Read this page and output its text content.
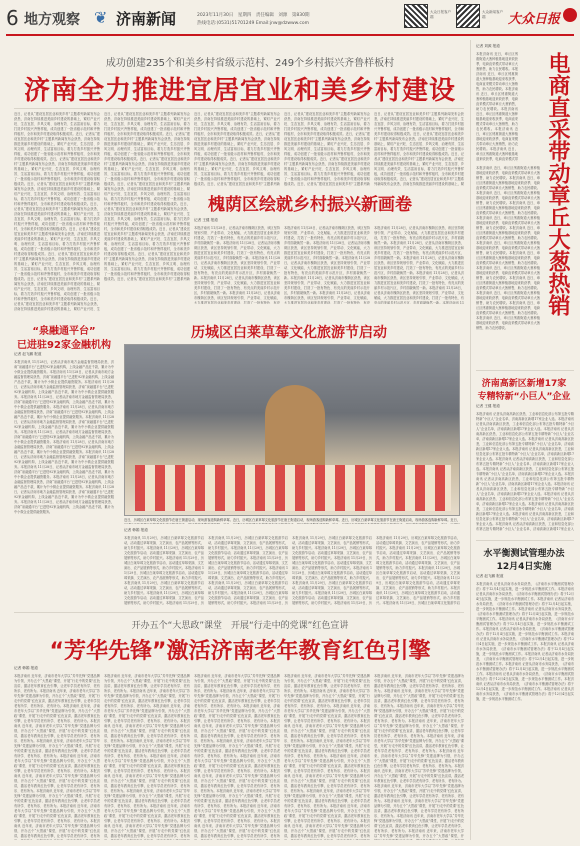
6 地方观察 ❦ 济南新闻	2023年11月30日　星期四　责任编辑　刘源　第830期
热线电话:(0531)51701249 Email:jnw@dzwww.com
大众日报客户端
大众新闻客户端	大众日报
成功创建235个和美乡村省级示范村、249个乡村振兴齐鲁样板村
济南全力推进宜居宜业和美乡村建设
近日，记者从“建设宜居宜业和美乡村”主题系列新闻发布会获悉，济南在持续推进美丽乡村建设的基础上，紧盯产业兴旺、生态宜居、乡风文明、治理有效、生活富裕目标，着力打造乡村振兴齐鲁样板，成功创建了一批省级示范村和齐鲁样板村，全市和美乡村建设取得积极成效。近日，记者从“建设宜居宜业和美乡村”主题系列新闻发布会获悉，济南在持续推进美丽乡村建设的基础上，紧盯产业兴旺、生态宜居、乡风文明、治理有效、生活富裕目标，着力打造乡村振兴齐鲁样板，成功创建了一批省级示范村和齐鲁样板村，全市和美乡村建设取得积极成效。近日，记者从“建设宜居宜业和美乡村”主题系列新闻发布会获悉，济南在持续推进美丽乡村建设的基础上，紧盯产业兴旺、生态宜居、乡风文明、治理有效、生活富裕目标，着力打造乡村振兴齐鲁样板，成功创建了一批省级示范村和齐鲁样板村，全市和美乡村建设取得积极成效。近日，记者从“建设宜居宜业和美乡村”主题系列新闻发布会获悉，济南在持续推进美丽乡村建设的基础上，紧盯产业兴旺、生态宜居、乡风文明、治理有效、生活富裕目标，着力打造乡村振兴齐鲁样板，成功创建了一批省级示范村和齐鲁样板村，全市和美乡村建设取得积极成效。近日，记者从“建设宜居宜业和美乡村”主题系列新闻发布会获悉，济南在持续推进美丽乡村建设的基础上，紧盯产业兴旺、生态宜居、乡风文明、治理有效、生活富裕目标，着力打造乡村振兴齐鲁样板，成功创建了一批省级示范村和齐鲁样板村，全市和美乡村建设取得积极成效。近日，记者从“建设宜居宜业和美乡村”主题系列新闻发布会获悉，济南在持续推进美丽乡村建设的基础上，紧盯产业兴旺、生态宜居、乡风文明、治理有效、生活富裕目标，着力打造乡村振兴齐鲁样板，成功创建了一批省级示范村和齐鲁样板村，全市和美乡村建设取得积极成效。近日，记者从“建设宜居宜业和美乡村”主题系列新闻发布会获悉，济南在持续推进美丽乡村建设的基础上，紧盯产业兴旺、生态宜居、乡风文明、治理有效、生活富裕目标，着力打造乡村振兴齐鲁样板，成功创建了一批省级示范村和齐鲁样板村，全市和美乡村建设取得积极成效。近日，记者从“建设宜居宜业和美乡村”主题系列新闻发布会获悉，济南在持续推进美丽乡村建设的基础上，紧盯产业兴旺、生态宜居、乡风文明、治理有效、生活富裕目标，着力打造乡村振兴齐鲁样板，成功创建了一批省级示范村和齐鲁样板村，全市和美乡村建设取得积极成效。近日，记者从“建设宜居宜业和美乡村”主题系列新闻发布会获悉，济南在持续推进美丽乡村建设的基础上，紧盯产业兴旺、生
近日，记者从“建设宜居宜业和美乡村”主题系列新闻发布会获悉，济南在持续推进美丽乡村建设的基础上，紧盯产业兴旺、生态宜居、乡风文明、治理有效、生活富裕目标，着力打造乡村振兴齐鲁样板，成功创建了一批省级示范村和齐鲁样板村，全市和美乡村建设取得积极成效。近日，记者从“建设宜居宜业和美乡村”主题系列新闻发布会获悉，济南在持续推进美丽乡村建设的基础上，紧盯产业兴旺、生态宜居、乡风文明、治理有效、生活富裕目标，着力打造乡村振兴齐鲁样板，成功创建了一批省级示范村和齐鲁样板村，全市和美乡村建设取得积极成效。近日，记者从“建设宜居宜业和美乡村”主题系列新闻发布会获悉，济南在持续推进美丽乡村建设的基础上，紧盯产业兴旺、生态宜居、乡风文明、治理有效、生活富裕目标，着力打造乡村振兴齐鲁样板，成功创建了一批省级示范村和齐鲁样板村，全市和美乡村建设取得积极成效。近日，记者从“建设宜居宜业和美乡村”主题系列新闻发布会获悉，济南在持续推进美丽乡村建设的基础上，紧盯产业兴旺、生态宜居、乡风文明、治理有效、生活富裕目标，着力打造乡村振兴齐鲁样板，成功创建了一批省级示范村和齐鲁样板村，全市和美乡村建设取得积极成效。近日，记者从“建设宜居宜业和美乡村”主题系列新闻发布会获悉，济南在持续推进美丽乡村建设的基础上，紧盯产业兴旺、生态宜居、乡风文明、治理有效、生活富裕目标，着力打造乡村振兴齐鲁样板，成功创建了一批省级示范村和齐鲁样板村，全市和美乡村建设取得积极成效。近日，记者从“建设宜居宜业和美乡村”主题系列新闻发布会获悉，济南在持续推进美丽乡村建设的基础上，紧盯产业兴旺、生态宜居、乡风文明、治理有效、生活富裕目标，着力打造乡村振兴齐鲁样板，成功创建了一批省级示范村和齐鲁样板村，全市和美乡村建设取得积极成效。近日，记者从“建设宜居宜业和美乡村”主题系列新闻发布会获悉，济南在持续推进美丽乡村建设的基础上，紧盯产业兴旺、生态宜居、乡风文明、治理有效、生活富裕目标，着力打造乡村振兴齐鲁样板，成功创建了一批省级示范村和齐鲁样板村，全市和美乡村建设取得积极成效。近日，记者从“建设宜居宜业和美乡村”主题系列新
近日，记者从“建设宜居宜业和美乡村”主题系列新闻发布会获悉，济南在持续推进美丽乡村建设的基础上，紧盯产业兴旺、生态宜居、乡风文明、治理有效、生活富裕目标，着力打造乡村振兴齐鲁样板，成功创建了一批省级示范村和齐鲁样板村，全市和美乡村建设取得积极成效。近日，记者从“建设宜居宜业和美乡村”主题系列新闻发布会获悉，济南在持续推进美丽乡村建设的基础上，紧盯产业兴旺、生态宜居、乡风文明、治理有效、生活富裕目标，着力打造乡村振兴齐鲁样板，成功创建了一批省级示范村和齐鲁样板村，全市和美乡村建设取得积极成效。近日，记者从“建设宜居宜业和美乡村”主题系列新闻发布会获悉，济南在持续推进美丽乡村建设的基础上，紧盯产业兴旺、生态宜居、乡风文明、治理有效、生活富裕目标，着力打造乡村振兴齐鲁样板，成功创建了一批省级示范村和齐鲁样板村，全市和美乡村建设取得积极成效。近日，记者从“建设宜居宜业和美乡村”主题系列新
近日，记者从“建设宜居宜业和美乡村”主题系列新闻发布会获悉，济南在持续推进美丽乡村建设的基础上，紧盯产业兴旺、生态宜居、乡风文明、治理有效、生活富裕目标，着力打造乡村振兴齐鲁样板，成功创建了一批省级示范村和齐鲁样板村，全市和美乡村建设取得积极成效。近日，记者从“建设宜居宜业和美乡村”主题系列新闻发布会获悉，济南在持续推进美丽乡村建设的基础上，紧盯产业兴旺、生态宜居、乡风文明、治理有效、生活富裕目标，着力打造乡村振兴齐鲁样板，成功创建了一批省级示范村和齐鲁样板村，全市和美乡村建设取得积极成效。近日，记者从“建设宜居宜业和美乡村”主题系列新闻发布会获悉，济南在持续推进美丽乡村建设的基础上，紧盯产业兴旺、生态宜居、乡风文明、治理有效、生活富裕目标，着力打造乡村振兴齐鲁样板，成功创建了一批省级示范村和齐鲁样板村，全市和美乡村建设取得积极成效。近日，记者从“建设宜居宜业和美乡村”主题系列新
近日，记者从“建设宜居宜业和美乡村”主题系列新闻发布会获悉，济南在持续推进美丽乡村建设的基础上，紧盯产业兴旺、生态宜居、乡风文明、治理有效、生活富裕目标，着力打造乡村振兴齐鲁样板，成功创建了一批省级示范村和齐鲁样板村，全市和美乡村建设取得积极成效。近日，记者从“建设宜居宜业和美乡村”主题系列新闻发布会获悉，济南在持续推进美丽乡村建设的基础上，紧盯产业兴旺、生态宜居、乡风文明、治理有效、生活富裕目标，着力打造乡村振兴齐鲁样板，成功创建了一批省级示范村和齐鲁样板村，全市和美乡村建设取得积极成效。近日，记者从“建设宜居宜业和美乡村”主题系列新闻发布会获悉，济南在持续推进美丽乡村建设的基础上，紧盯产业兴旺、生态宜居、乡风文明、治理有效、生活富裕目标，着力打造乡村振兴齐鲁样板，成功创建了一批省级示范村和齐鲁样板村，全市和美乡村建设取得积极成效。近日，记者从“建设宜居宜业和美乡村”主题系列新闻发布会获悉，济南在持续推进美丽乡村建设的基础上，紧
槐荫区绘就乡村振兴新画卷
记者 王健 报道
本报济南讯 11月28日，记者从济南市槐荫区获悉，该区坚持规划引领、产业带动、文化赋能，大力推进宜居宜业和美乡村建设，打造了一批有特色、有亮点的美丽乡村示范片区，乡村面貌焕然一新。本报济南讯 11月28日，记者从济南市槐荫区获悉，该区坚持规划引领、产业带动、文化赋能，大力推进宜居宜业和美乡村建设，打造了一批有特色、有亮点的美丽乡村示范片区，乡村面貌焕然一新。本报济南讯 11月28日，记者从济南市槐荫区获悉，该区坚持规划引领、产业带动、文化赋能，大力推进宜居宜业和美乡村建设，打造了一批有特色、有亮点的美丽乡村示范片区，乡村面貌焕然一新。本报济南讯 11月28日，记者从济南市槐荫区获悉，该区坚持规划引领、产业带动、文化赋能，大力推进宜居宜业和美乡村建设，打造了一批有特色、有亮点的美丽乡村示范片区，乡村面貌焕然一新。本报济南讯 11月28日，记者从济南市槐荫区获悉，该区坚持规划引领、产业带动、文化赋能，大力推进宜居宜业和美乡村建设，打造了一批有特色、有亮
本报济南讯 11月28日，记者从济南市槐荫区获悉，该区坚持规划引领、产业带动、文化赋能，大力推进宜居宜业和美乡村建设，打造了一批有特色、有亮点的美丽乡村示范片区，乡村面貌焕然一新。本报济南讯 11月28日，记者从济南市槐荫区获悉，该区坚持规划引领、产业带动、文化赋能，大力推进宜居宜业和美乡村建设，打造了一批有特色、有亮点的美丽乡村示范片区，乡村面貌焕然一新。本报济南讯 11月28日，记者从济南市槐荫区获悉，该区坚持规划引领、产业带动、文化赋能，大力推进宜居宜业和美乡村建设，打造了一批有特色、有亮点的美丽乡村示范片区，乡村面貌焕然一新。本报济南讯 11月28日，记者从济南市槐荫区获悉，该区坚持规划引领、产业带动、文化赋能，大力推进宜居宜业和美乡村建设，打造了一批有特色、有亮点的美丽乡村示范片区，乡村面貌焕然一新。本报济南讯 11月28日，记者从济南市槐荫区获悉，该区坚持规划引领、产业带动、文化赋能，大力推进宜居宜业和美乡村建设，打造了一批有特色、有亮
本报济南讯 11月28日，记者从济南市槐荫区获悉，该区坚持规划引领、产业带动、文化赋能，大力推进宜居宜业和美乡村建设，打造了一批有特色、有亮点的美丽乡村示范片区，乡村面貌焕然一新。本报济南讯 11月28日，记者从济南市槐荫区获悉，该区坚持规划引领、产业带动、文化赋能，大力推进宜居宜业和美乡村建设，打造了一批有特色、有亮点的美丽乡村示范片区，乡村面貌焕然一新。本报济南讯 11月28日，记者从济南市槐荫区获悉，该区坚持规划引领、产业带动、文化赋能，大力推进宜居宜业和美乡村建设，打造了一批有特色、有亮点的美丽乡村示范片区，乡村面貌焕然一新。本报济南讯 11月28日，记者从济南市槐荫区获悉，该区坚持规划引领、产业带动、文化赋能，大力推进宜居宜业和美乡村建设，打造了一批有特色、有亮点的美丽乡村示范片区，乡村面貌焕然一新。本报济南讯 11月28日，记者从济南市槐荫区获悉，该区坚持规划引领、产业带动、文化赋能，大力推进宜居宜业和美乡村建设，打造了一批有特色、有亮点的美丽乡村示范片区，乡村面貌焕然一新。本报济南讯 11
“泉融通平台”
已进驻92家金融机构
记者 赵飞鹏 报道
本报济南讯 11月28日，记者从济南市地方金融监督管理局获悉，济南“泉融通平台”已进驻92家金融机构，上线金融产品近千款，累计为中小微企业提供融资服务。本报济南讯 11月28日，记者从济南市地方金融监督管理局获悉，济南“泉融通平台”已进驻92家金融机构，上线金融产品近千款，累计为中小微企业提供融资服务。本报济南讯 11月28日，记者从济南市地方金融监督管理局获悉，济南“泉融通平台”已进驻92家金融机构，上线金融产品近千款，累计为中小微企业提供融资服务。本报济南讯 11月28日，记者从济南市地方金融监督管理局获悉，济南“泉融通平台”已进驻92家金融机构，上线金融产品近千款，累计为中小微企业提供融资服务。本报济南讯 11月28日，记者从济南市地方金融监督管理局获悉，济南“泉融通平台”已进驻92家金融机构，上线金融产品近千款，累计为中小微企业提供融资服务。本报济南讯 11月28日，记者从济南市地方金融监督管理局获悉，济南“泉融通平台”已进驻92家金融机构，上线金融产品近千款，累计为中小微企业提供融资服务。本报济南讯 11月28日，记者从济南市地方金融监督管理局获悉，济南“泉融通平台”已进驻92家金融机构，上线金融产品近千款，累计为中小微企业提供融资服务。本报济南讯 11月28日，记者从济南市地方金融监督管理局获悉，济南“泉融通平台”已进驻92家金融机构，上线金融产品近千款，累计为中小微企业提供融资服务。本报济南讯 11月28日，记者从济南市地方金融监督管理局获悉，济南“泉融通平台”已进驻92家金融机构，上线金融产品近千款，累计为中小微企业提供融资服务。本报济南讯 11月28日，记者从济南市地方金融监督管理局获悉，济南“泉融通平台”已进驻92家金融机构，上线金融产品近千款，累计为中小微企业提供融资服务。本报济南讯 11月28日，记者从济南市地方金融监督管理局获悉，济南“泉融通平台”已进驻92家金融机构，上线金融产品近千款，累计为中小微企业提供融资服务。本报济南讯 11月28日，记者从济南市地方金融监督管理局获悉，济南“泉融通平台”已进驻92家金融机构，上线金融产品近千款，累计为中小微企业提供融资服务。本报济南讯 11月28日，记者从济南市地方金融监督管理局获悉，济南“泉融通平台”已进驻92家金融机构，上线金融产品近千款，累计为中小微企业提供融资服务。
历城区白莱草莓文化旅游节启动
近日，历城区白莱草莓文化旅游节在唐王街道启动，现场游客选购新鲜草莓。近日，历城区白莱草莓文化旅游节在唐王街道启动，现场游客选购新鲜草莓。近日，历城区白莱草莓文化旅游节在唐王街道启动，现场游客选购新鲜草莓。近日，
记者 韩娟 报道
本报济南讯 11月29日，历城区白莱草莓文化旅游节启动，活动通过草莓采摘、文艺演出、农产品展销等形式，助力乡村振兴。本报济南讯 11月29日，历城区白莱草莓文化旅游节启动，活动通过草莓采摘、文艺演出、农产品展销等形式，助力乡村振兴。本报济南讯 11月29日，历城区白莱草莓文化旅游节启动，活动通过草莓采摘、文艺演出、农产品展销等形式，助力乡村振兴。本报济南讯 11月29日，历城区白莱草莓文化旅游节启动，活动通过草莓采摘、文艺演出、农产品展销等形式，助力乡村振兴。本报济南讯 11月29日，历城区白莱草莓文化旅游节启动，活动通过草莓采摘、文艺演出、农产品展销等形式，助力乡村振兴。本报济南讯 11月29日，历城区白莱草莓文化旅游节启动，活动通过草莓采摘、文艺演出、农产品展销等形式，助力乡村振兴。本报济南讯 11月29日，历
本报济南讯 11月29日，历城区白莱草莓文化旅游节启动，活动通过草莓采摘、文艺演出、农产品展销等形式，助力乡村振兴。本报济南讯 11月29日，历城区白莱草莓文化旅游节启动，活动通过草莓采摘、文艺演出、农产品展销等形式，助力乡村振兴。本报济南讯 11月29日，历城区白莱草莓文化旅游节启动，活动通过草莓采摘、文艺演出、农产品展销等形式，助力乡村振兴。本报济南讯 11月29日，历城区白莱草莓文化旅游节启动，活动通过草莓采摘、文艺演出、农产品展销等形式，助力乡村振兴。本报济南讯 11月29日，历城区白莱草莓文化旅游节启动，活动通过草莓采摘、文艺演出、农产品展销等形式，助力乡村振兴。本报济南讯 11月29日，历城区白莱草莓文化旅游节启动，活动通过草莓采摘、文艺演出、农产品展销等形式，助力乡村振兴。本报济南讯 11月29日，历
本报济南讯 11月29日，历城区白莱草莓文化旅游节启动，活动通过草莓采摘、文艺演出、农产品展销等形式，助力乡村振兴。本报济南讯 11月29日，历城区白莱草莓文化旅游节启动，活动通过草莓采摘、文艺演出、农产品展销等形式，助力乡村振兴。本报济南讯 11月29日，历城区白莱草莓文化旅游节启动，活动通过草莓采摘、文艺演出、农产品展销等形式，助力乡村振兴。本报济南讯 11月29日，历城区白莱草莓文化旅游节启动，活动通过草莓采摘、文艺演出、农产品展销等形式，助力乡村振兴。本报济南讯 11月29日，历城区白莱草莓文化旅游节启动，活动通过草莓采摘、文艺演出、农产品展销等形式，助力乡村振兴。本报济南讯 11月29日，历城区白莱草莓文化旅游节启动，活动通过草莓采摘、文艺演出、农产品展销等形式，助力乡村振兴。本报济南讯 11月29日，历
本报济南讯 11月29日，历城区白莱草莓文化旅游节启动，活动通过草莓采摘、文艺演出、农产品展销等形式，助力乡村振兴。本报济南讯 11月29日，历城区白莱草莓文化旅游节启动，活动通过草莓采摘、文艺演出、农产品展销等形式，助力乡村振兴。本报济南讯 11月29日，历城区白莱草莓文化旅游节启动，活动通过草莓采摘、文艺演出、农产品展销等形式，助力乡村振兴。本报济南讯 11月29日，历城区白莱草莓文化旅游节启动，活动通过草莓采摘、文艺演出、农产品展销等形式，助力乡村振兴。本报济南讯 11月29日，历城区白莱草莓文化旅游节启动，活动通过草莓采摘、文艺演出、农产品展销等形式，助力乡村振兴。本报济南讯 11月29日，历城区白莱草莓文化旅游节启动，活动通过草莓采摘、文艺演出、农产品展销等形式，助力乡村振兴。本报济南讯 11月29日，历城区白莱草莓文化旅游节启
开办五个“大思政”课堂　开展“行走中的党课”红色宣讲
“芳华先锋”激活济南老年教育红色引擎
记者 韩娟 报道
本报济南讯 近年来，济南市老年大学以“芳华先锋”党建品牌为引领，开办五个“大思政”课堂，开展“行走中的党课”红色宣讲，激活老年教育红色引擎，让老年学员老有所学、老有所乐、老有所为。本报济南讯 近年来，济南市老年大学以“芳华先锋”党建品牌为引领，开办五个“大思政”课堂，开展“行走中的党课”红色宣讲，激活老年教育红色引擎，让老年学员老有所学、老有所乐、老有所为。本报济南讯 近年来，济南市老年大学以“芳华先锋”党建品牌为引领，开办五个“大思政”课堂，开展“行走中的党课”红色宣讲，激活老年教育红色引擎，让老年学员老有所学、老有所乐、老有所为。本报济南讯 近年来，济南市老年大学以“芳华先锋”党建品牌为引领，开办五个“大思政”课堂，开展“行走中的党课”红色宣讲，激活老年教育红色引擎，让老年学员老有所学、老有所乐、老有所为。本报济南讯 近年来，济南市老年大学以“芳华先锋”党建品牌为引领，开办五个“大思政”课堂，开展“行走中的党课”红色宣讲，激活老年教育红色引擎，让老年学员老有所学、老有所乐、老有所为。本报济南讯 近年来，济南市老年大学以“芳华先锋”党建品牌为引领，开办五个“大思政”课堂，开展“行走中的党课”红色宣讲，激活老年教育红色引擎，让老年学员老有所学、老有所乐、老有所为。本报济南讯 近年来，济南市老年大学以“芳华先锋”党建品牌为引领，开办五个“大思政”课堂，开展“行走中的党课”红色宣讲，激活老年教育红色引擎，让老年学员老有所学、老有所乐、老有所为。本报济南讯 近年来，济南市老年大学以“芳华先锋”党建品牌为引领，开办五个“大思政”课堂，开展“行走中的党课”红色宣讲，激活老年教育红色引擎，让老年学员老有所学、老有所乐、老有所为。本报济南讯 近年来，济南市老年大学以“芳华先锋”党建品牌为引领，开办五个“大思政”课堂，开展“行走中的党课”红色宣讲，激活老年教育红色引擎，让老年学员老有所学、老有所乐、老有所为。本报济南讯 近年来，济南市老年大学以“芳华先锋”党建品牌为引领，开办五个“大思政”课堂，开展“行走中的党课”红色宣讲，激活老年教育红色引擎，让老年学员老有所学、老有所
本报济南讯 近年来，济南市老年大学以“芳华先锋”党建品牌为引领，开办五个“大思政”课堂，开展“行走中的党课”红色宣讲，激活老年教育红色引擎，让老年学员老有所学、老有所乐、老有所为。本报济南讯 近年来，济南市老年大学以“芳华先锋”党建品牌为引领，开办五个“大思政”课堂，开展“行走中的党课”红色宣讲，激活老年教育红色引擎，让老年学员老有所学、老有所乐、老有所为。本报济南讯 近年来，济南市老年大学以“芳华先锋”党建品牌为引领，开办五个“大思政”课堂，开展“行走中的党课”红色宣讲，激活老年教育红色引擎，让老年学员老有所学、老有所乐、老有所为。本报济南讯 近年来，济南市老年大学以“芳华先锋”党建品牌为引领，开办五个“大思政”课堂，开展“行走中的党课”红色宣讲，激活老年教育红色引擎，让老年学员老有所学、老有所乐、老有所为。本报济南讯 近年来，济南市老年大学以“芳华先锋”党建品牌为引领，开办五个“大思政”课堂，开展“行走中的党课”红色宣讲，激活老年教育红色引擎，让老年学员老有所学、老有所乐、老有所为。本报济南讯 近年来，济南市老年大学以“芳华先锋”党建品牌为引领，开办五个“大思政”课堂，开展“行走中的党课”红色宣讲，激活老年教育红色引擎，让老年学员老有所学、老有所乐、老有所为。本报济南讯 近年来，济南市老年大学以“芳华先锋”党建品牌为引领，开办五个“大思政”课堂，开展“行走中的党课”红色宣讲，激活老年教育红色引擎，让老年学员老有所学、老有所乐、老有所为。本报济南讯 近年来，济南市老年大学以“芳华先锋”党建品牌为引领，开办五个“大思政”课堂，开展“行走中的党课”红色宣讲，激活老年教育红色引擎，让老年学员老有所学、老有所乐、老有所为。本报济南讯 近年来，济南市老年大学以“芳华先锋”党建品牌为引领，开办五个“大思政”课堂，开展“行走中的党课”红色宣讲，激活老年教育红色引擎，让老年学员老有所学、老有所乐、老有所为。本报济南讯 近年来，济南市老年大学以“芳华先锋”党建品牌为引领，开办五个“大思政”课堂，开展“行走中的党课”红色宣讲，激活老年教育红色引擎，让老年学员老有所学、老有所
本报济南讯 近年来，济南市老年大学以“芳华先锋”党建品牌为引领，开办五个“大思政”课堂，开展“行走中的党课”红色宣讲，激活老年教育红色引擎，让老年学员老有所学、老有所乐、老有所为。本报济南讯 近年来，济南市老年大学以“芳华先锋”党建品牌为引领，开办五个“大思政”课堂，开展“行走中的党课”红色宣讲，激活老年教育红色引擎，让老年学员老有所学、老有所乐、老有所为。本报济南讯 近年来，济南市老年大学以“芳华先锋”党建品牌为引领，开办五个“大思政”课堂，开展“行走中的党课”红色宣讲，激活老年教育红色引擎，让老年学员老有所学、老有所乐、老有所为。本报济南讯 近年来，济南市老年大学以“芳华先锋”党建品牌为引领，开办五个“大思政”课堂，开展“行走中的党课”红色宣讲，激活老年教育红色引擎，让老年学员老有所学、老有所乐、老有所为。本报济南讯 近年来，济南市老年大学以“芳华先锋”党建品牌为引领，开办五个“大思政”课堂，开展“行走中的党课”红色宣讲，激活老年教育红色引擎，让老年学员老有所学、老有所乐、老有所为。本报济南讯 近年来，济南市老年大学以“芳华先锋”党建品牌为引领，开办五个“大思政”课堂，开展“行走中的党课”红色宣讲，激活老年教育红色引擎，让老年学员老有所学、老有所乐、老有所为。本报济南讯 近年来，济南市老年大学以“芳华先锋”党建品牌为引领，开办五个“大思政”课堂，开展“行走中的党课”红色宣讲，激活老年教育红色引擎，让老年学员老有所学、老有所乐、老有所为。本报济南讯 近年来，济南市老年大学以“芳华先锋”党建品牌为引领，开办五个“大思政”课堂，开展“行走中的党课”红色宣讲，激活老年教育红色引擎，让老年学员老有所学、老有所乐、老有所为。本报济南讯 近年来，济南市老年大学以“芳华先锋”党建品牌为引领，开办五个“大思政”课堂，开展“行走中的党课”红色宣讲，激活老年教育红色引擎，让老年学员老有所学、老有所乐、老有所为。本报济南讯 近年来，济南市老年大学以“芳华先锋”党建品牌为引领，开办五个“大思政”课堂，开展“行走中的党课”红色宣讲，激活老年教育红色引擎，让老年学员老有所学、老有所
本报济南讯 近年来，济南市老年大学以“芳华先锋”党建品牌为引领，开办五个“大思政”课堂，开展“行走中的党课”红色宣讲，激活老年教育红色引擎，让老年学员老有所学、老有所乐、老有所为。本报济南讯 近年来，济南市老年大学以“芳华先锋”党建品牌为引领，开办五个“大思政”课堂，开展“行走中的党课”红色宣讲，激活老年教育红色引擎，让老年学员老有所学、老有所乐、老有所为。本报济南讯 近年来，济南市老年大学以“芳华先锋”党建品牌为引领，开办五个“大思政”课堂，开展“行走中的党课”红色宣讲，激活老年教育红色引擎，让老年学员老有所学、老有所乐、老有所为。本报济南讯 近年来，济南市老年大学以“芳华先锋”党建品牌为引领，开办五个“大思政”课堂，开展“行走中的党课”红色宣讲，激活老年教育红色引擎，让老年学员老有所学、老有所乐、老有所为。本报济南讯 近年来，济南市老年大学以“芳华先锋”党建品牌为引领，开办五个“大思政”课堂，开展“行走中的党课”红色宣讲，激活老年教育红色引擎，让老年学员老有所学、老有所乐、老有所为。本报济南讯 近年来，济南市老年大学以“芳华先锋”党建品牌为引领，开办五个“大思政”课堂，开展“行走中的党课”红色宣讲，激活老年教育红色引擎，让老年学员老有所学、老有所乐、老有所为。本报济南讯 近年来，济南市老年大学以“芳华先锋”党建品牌为引领，开办五个“大思政”课堂，开展“行走中的党课”红色宣讲，激活老年教育红色引擎，让老年学员老有所学、老有所乐、老有所为。本报济南讯 近年来，济南市老年大学以“芳华先锋”党建品牌为引领，开办五个“大思政”课堂，开展“行走中的党课”红色宣讲，激活老年教育红色引擎，让老年学员老有所学、老有所乐、老有所为。本报济南讯 近年来，济南市老年大学以“芳华先锋”党建品牌为引领，开办五个“大思政”课堂，开展“行走中的党课”红色宣讲，激活老年教育红色引擎，让老年学员老有所学、老有所乐、老有所为。本报济南讯 近年来，济南市老年大学以“芳华先锋”党建品牌为引领，开办五个“大思政”课堂，开展“行走中的党课”红色宣讲，激活老年教育红色引擎，让老年学员老有所学、老有所
本报济南讯 近年来，济南市老年大学以“芳华先锋”党建品牌为引领，开办五个“大思政”课堂，开展“行走中的党课”红色宣讲，激活老年教育红色引擎，让老年学员老有所学、老有所乐、老有所为。本报济南讯 近年来，济南市老年大学以“芳华先锋”党建品牌为引领，开办五个“大思政”课堂，开展“行走中的党课”红色宣讲，激活老年教育红色引擎，让老年学员老有所学、老有所乐、老有所为。本报济南讯 近年来，济南市老年大学以“芳华先锋”党建品牌为引领，开办五个“大思政”课堂，开展“行走中的党课”红色宣讲，激活老年教育红色引擎，让老年学员老有所学、老有所乐、老有所为。本报济南讯 近年来，济南市老年大学以“芳华先锋”党建品牌为引领，开办五个“大思政”课堂，开展“行走中的党课”红色宣讲，激活老年教育红色引擎，让老年学员老有所学、老有所乐、老有所为。本报济南讯 近年来，济南市老年大学以“芳华先锋”党建品牌为引领，开办五个“大思政”课堂，开展“行走中的党课”红色宣讲，激活老年教育红色引擎，让老年学员老有所学、老有所乐、老有所为。本报济南讯 近年来，济南市老年大学以“芳华先锋”党建品牌为引领，开办五个“大思政”课堂，开展“行走中的党课”红色宣讲，激活老年教育红色引擎，让老年学员老有所学、老有所乐、老有所为。本报济南讯 近年来，济南市老年大学以“芳华先锋”党建品牌为引领，开办五个“大思政”课堂，开展“行走中的党课”红色宣讲，激活老年教育红色引擎，让老年学员老有所学、老有所乐、老有所为。本报济南讯 近年来，济南市老年大学以“芳华先锋”党建品牌为引领，开办五个“大思政”课堂，开展“行走中的党课”红色宣讲，激活老年教育红色引擎，让老年学员老有所学、老有所乐、老有所为。本报济南讯 近年来，济南市老年大学以“芳华先锋”党建品牌为引领，开办五个“大思政”课堂，开展“行走中的党课”红色宣讲，激活老年教育红色引擎，让老年学员老有所学、老有所乐、老有所为。本报济南讯 近年来，济南市老年大学以“芳华先锋”党建品牌为引领，开办五个“大思政”课堂，开展“行走中的党课”红色宣讲，激活老年教育红色引擎，让老年学员老有所学、老有所乐、老有所为。本报济南讯 近年来，济南市老年大学以“芳华先锋”党建品牌为引领，开办五个“大思政”课堂，开
记者 刘源 报道
本报济南讯 近日，章丘区绣惠街道大葱种植基地迎来收获季，电商直采模式带动章丘大葱销售，助力农民增收。本报济南讯 近日，章丘区绣惠街道大葱种植基地迎来收获季，电商直采模式带动章丘大葱销售，助力农民增收。本报济南讯 近日，章丘区绣惠街道大葱种植基地迎来收获季，电商直采模式带动章丘大葱销售，助力农民增收。本报济南讯 近日，章丘区绣惠街道大葱种植基地迎来收获季，电商直采模式带动章丘大葱销售，助力农民增收。本报济南讯 近日，章丘区绣惠街道大葱种植基地迎来收获季，电商直采模式带动章丘大葱销售，助力农民增收。本报济南讯 近日，章丘区绣惠街道大葱种植基地迎来收获季，电商直采模式带 电商直采带动章丘大葱热销
本报济南讯 近日，章丘区绣惠街道大葱种植基地迎来收获季，电商直采模式带动章丘大葱销售，助力农民增收。本报济南讯 近日，章丘区绣惠街道大葱种植基地迎来收获季，电商直采模式带动章丘大葱销售，助力农民增收。本报济南讯 近日，章丘区绣惠街道大葱种植基地迎来收获季，电商直采模式带动章丘大葱销售，助力农民增收。本报济南讯 近日，章丘区绣惠街道大葱种植基地迎来收获季，电商直采模式带动章丘大葱销售，助力农民增收。本报济南讯 近日，章丘区绣惠街道大葱种植基地迎来收获季，电商直采模式带动章丘大葱销售，助力农民增收。本报济南讯 近日，章丘区绣惠街道大葱种植基地迎来收获季，电商直采模式带动章丘大葱销售，助力农民增收。本报济南讯 近日，章丘区绣惠街道大葱种植基地迎来收获季，电商直采模式带动章丘大葱销售，助力农民增收。本报济南讯 近日，章丘区绣惠街道大葱种植基地迎来收获季，电商直采模式带动章丘大葱销售，助力农民增收。本报济南讯 近日，章丘区绣惠街道大葱种植基地迎来收获季，电商直采模式带动章丘大葱销售，助力农民增收。本报济南讯 近日，章丘区绣惠街道大葱种植基地迎来收获季，电商直采模式带动章丘大葱销售，助力农民增收。本报济南讯 近日，章丘区绣惠街道大葱种植基地迎来收获季，电商直采模式带动章丘大葱销售，助力农民增收。本报济南讯 近日，章丘区绣惠街道大葱种植基地迎来收获季，电商直采模式带动章丘大葱销售，助力农民增收。本报济南讯 近日，章丘区绣惠街道大葱种植基地迎来收获季，电商直采模式带动章丘大葱销售，助力农民增收。
济南高新区新增17家
专精特新“小巨人”企业
记者 王健 报道
本报济南讯 记者从济南高新区获悉，工业和信息化部公布第五批专精特新“小巨人”企业名单，济南高新区新增17家企业入选。本报济南讯 记者从济南高新区获悉，工业和信息化部公布第五批专精特新“小巨人”企业名单，济南高新区新增17家企业入选。本报济南讯 记者从济南高新区获悉，工业和信息化部公布第五批专精特新“小巨人”企业名单，济南高新区新增17家企业入选。本报济南讯 记者从济南高新区获悉，工业和信息化部公布第五批专精特新“小巨人”企业名单，济南高新区新增17家企业入选。本报济南讯 记者从济南高新区获悉，工业和信息化部公布第五批专精特新“小巨人”企业名单，济南高新区新增17家企业入选。本报济南讯 记者从济南高新区获悉，工业和信息化部公布第五批专精特新“小巨人”企业名单，济南高新区新增17家企业入选。本报济南讯 记者从济南高新区获悉，工业和信息化部公布第五批专精特新“小巨人”企业名单，济南高新区新增17家企业入选。本报济南讯 记者从济南高新区获悉，工业和信息化部公布第五批专精特新“小巨人”企业名单，济南高新区新增17家企业入选。本报济南讯 记者从济南高新区获悉，工业和信息化部公布第五批专精特新“小巨人”企业名单，济南高新区新增17家企业入选。本报济南讯 记者从济南高新区获悉，工业和信息化部公布第五批专精特新“小巨人”企业名单，济南高新区新增17家企业入选。本报济南讯 记者从济南高新区获悉，工业和信息化部公布第五批专精特新“小巨人”企业名单，济南高新区新增17家企业入选。本报济南讯 记者从济南高新区获悉，工业和信息化部公布第五批专精特新“小巨人”企业名单，济南高新区新增17家企业入选。本报济南讯 记者从济南高新区获悉，工业和信息化部公布第五批专精特新“小巨人”企业名单，济南高新区新增17家企业入
水平衡测试管理办法
12月4日实施
记者 赵飞鹏 报道
本报济南讯 记者从济南市水务局获悉，《济南市水平衡测试管理办法》将于12月4日起实施，进一步规范水平衡测试工作。本报济南讯 记者从济南市水务局获悉，《济南市水平衡测试管理办法》将于12月4日起实施，进一步规范水平衡测试工作。本报济南讯 记者从济南市水务局获悉，《济南市水平衡测试管理办法》将于12月4日起实施，进一步规范水平衡测试工作。本报济南讯 记者从济南市水务局获悉，《济南市水平衡测试管理办法》将于12月4日起实施，进一步规范水平衡测试工作。本报济南讯 记者从济南市水务局获悉，《济南市水平衡测试管理办法》将于12月4日起实施，进一步规范水平衡测试工作。本报济南讯 记者从济南市水务局获悉，《济南市水平衡测试管理办法》将于12月4日起实施，进一步规范水平衡测试工作。本报济南讯 记者从济南市水务局获悉，《济南市水平衡测试管理办法》将于12月4日起实施，进一步规范水平衡测试工作。本报济南讯 记者从济南市水务局获悉，《济南市水平衡测试管理办法》将于12月4日起实施，进一步规范水平衡测试工作。本报济南讯 记者从济南市水务局获悉，《济南市水平衡测试管理办法》将于12月4日起实施，进一步规范水平衡测试工作。本报济南讯 记者从济南市水务局获悉，《济南市水平衡测试管理办法》将于12月4日起实施，进一步规范水平衡测试工作。本报济南讯 记者从济南市水务局获悉，《济南市水平衡测试管理办法》将于12月4日起实施，进一步规范水平衡测试工作。本报济南讯 记者从济南市水务局获悉，《济南市水平衡测试管理办法》将于12月4日起实施，进一步规范水平衡测试工作。本报济南讯 记者从济南市水务局获悉，《济南市水平衡测试管理办法》将于12月4日起实施，进一步规范水平衡测试工作。
